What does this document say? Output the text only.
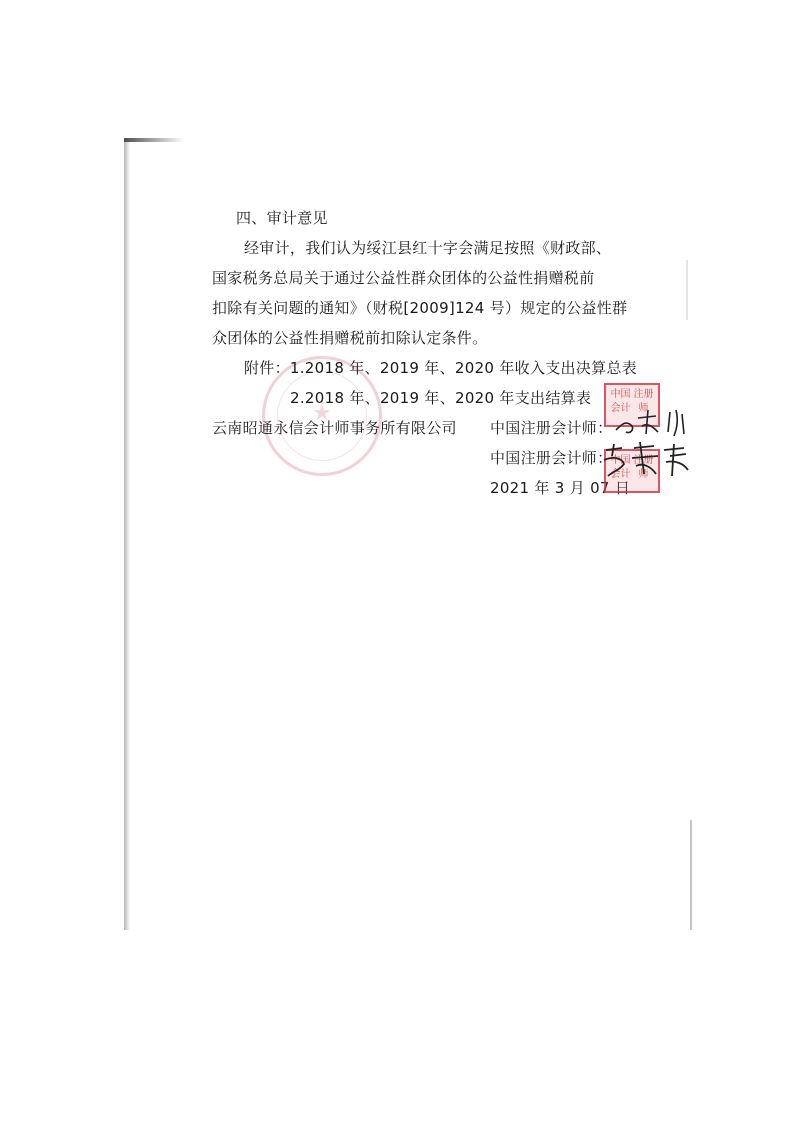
★
四、审计意见
经审计，我们认为绥江县红十字会满足按照《财政部、
国家税务总局关于通过公益性群众团体的公益性捐赠税前
扣除有关问题的通知》（财税[2009]124 号）规定的公益性群
众团体的公益性捐赠税前扣除认定条件。
附件：1.2018 年、2019 年、2020 年收入支出决算总表
2.2018 年、2019 年、2020 年支出结算表
云南昭通永信会计师事务所有限公司 中国注册会计师：
中国注册会计师：
2021 年 3 月 07 日
中国 注册
会计 师
中国 注册
会计 师
